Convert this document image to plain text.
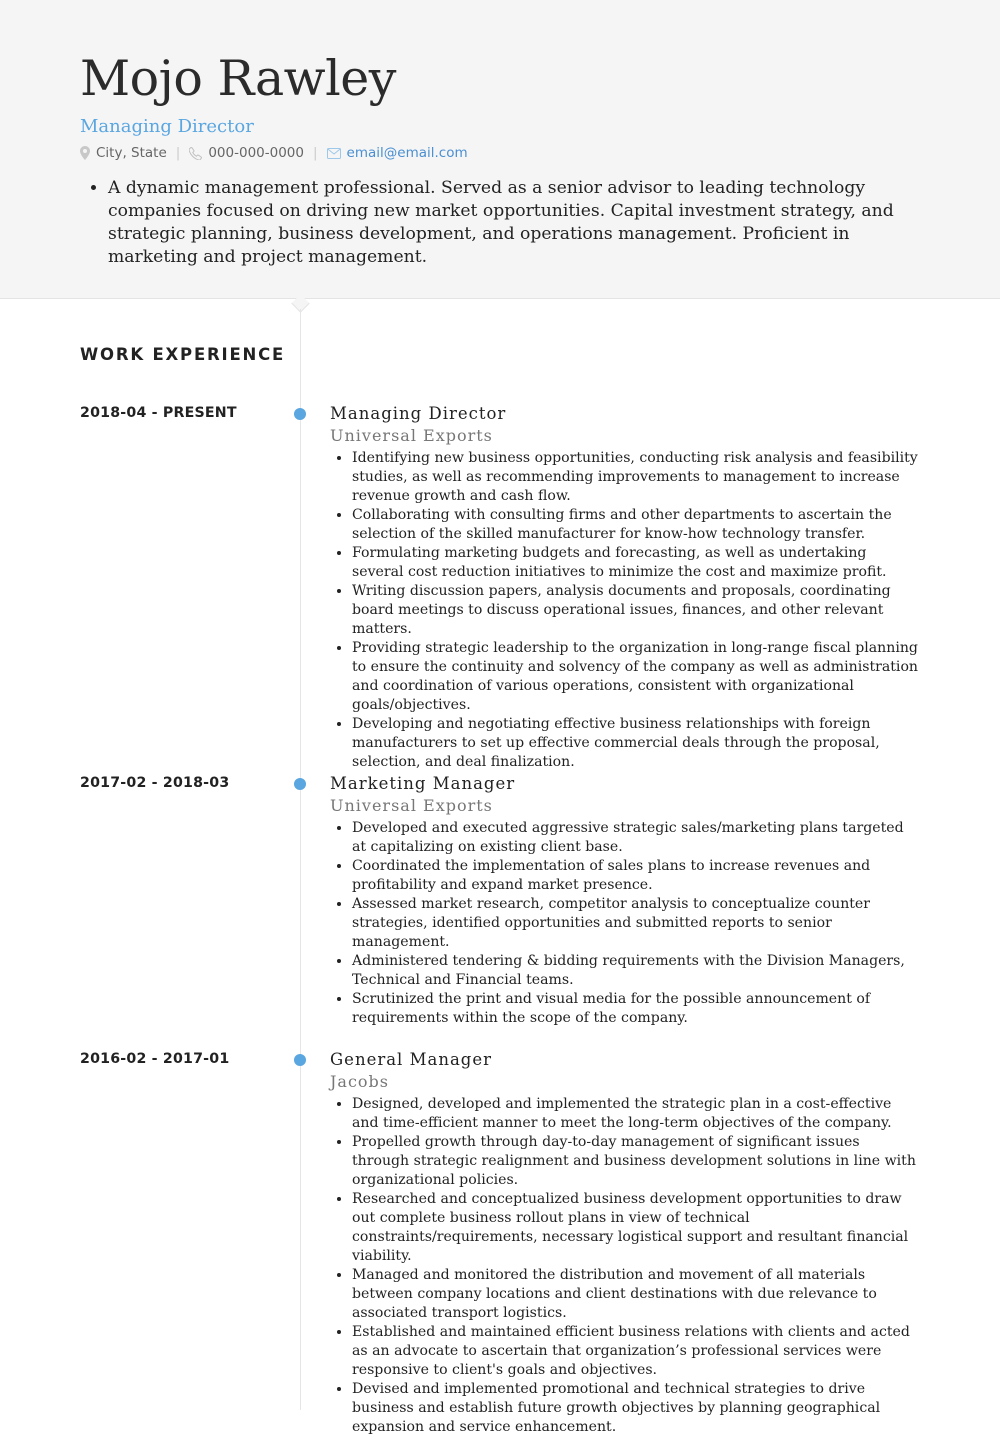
Mojo Rawley
Managing Director
City, State | 000-000-0000 | email@email.com
• A dynamic management professional. Served as a senior advisor to leading technology companies focused on driving new market opportunities. Capital investment strategy, and strategic planning, business development, and operations management. Proficient in marketing and project management.
WORK EXPERIENCE
2018-04 - PRESENT	Managing Director
Universal Exports
• Identifying new business opportunities, conducting risk analysis and feasibility studies, as well as recommending improvements to management to increase revenue growth and cash flow.
• Collaborating with consulting firms and other departments to ascertain the selection of the skilled manufacturer for know-how technology transfer.
• Formulating marketing budgets and forecasting, as well as undertaking several cost reduction initiatives to minimize the cost and maximize profit.
• Writing discussion papers, analysis documents and proposals, coordinating board meetings to discuss operational issues, finances, and other relevant matters.
• Providing strategic leadership to the organization in long-range fiscal planning to ensure the continuity and solvency of the company as well as administration and coordination of various operations, consistent with organizational goals/objectives.
• Developing and negotiating effective business relationships with foreign manufacturers to set up effective commercial deals through the proposal, selection, and deal finalization.
2017-02 - 2018-03	Marketing Manager
Universal Exports
• Developed and executed aggressive strategic sales/marketing plans targeted at capitalizing on existing client base.
• Coordinated the implementation of sales plans to increase revenues and profitability and expand market presence.
• Assessed market research, competitor analysis to conceptualize counter strategies, identified opportunities and submitted reports to senior management.
• Administered tendering & bidding requirements with the Division Managers, Technical and Financial teams.
• Scrutinized the print and visual media for the possible announcement of requirements within the scope of the company.
2016-02 - 2017-01	General Manager
Jacobs
• Designed, developed and implemented the strategic plan in a cost-effective and time-efficient manner to meet the long-term objectives of the company.
• Propelled growth through day-to-day management of significant issues through strategic realignment and business development solutions in line with organizational policies.
• Researched and conceptualized business development opportunities to draw out complete business rollout plans in view of technical constraints/requirements, necessary logistical support and resultant financial viability.
• Managed and monitored the distribution and movement of all materials between company locations and client destinations with due relevance to associated transport logistics.
• Established and maintained efficient business relations with clients and acted as an advocate to ascertain that organization’s professional services were responsive to client's goals and objectives.
• Devised and implemented promotional and technical strategies to drive business and establish future growth objectives by planning geographical expansion and service enhancement.
